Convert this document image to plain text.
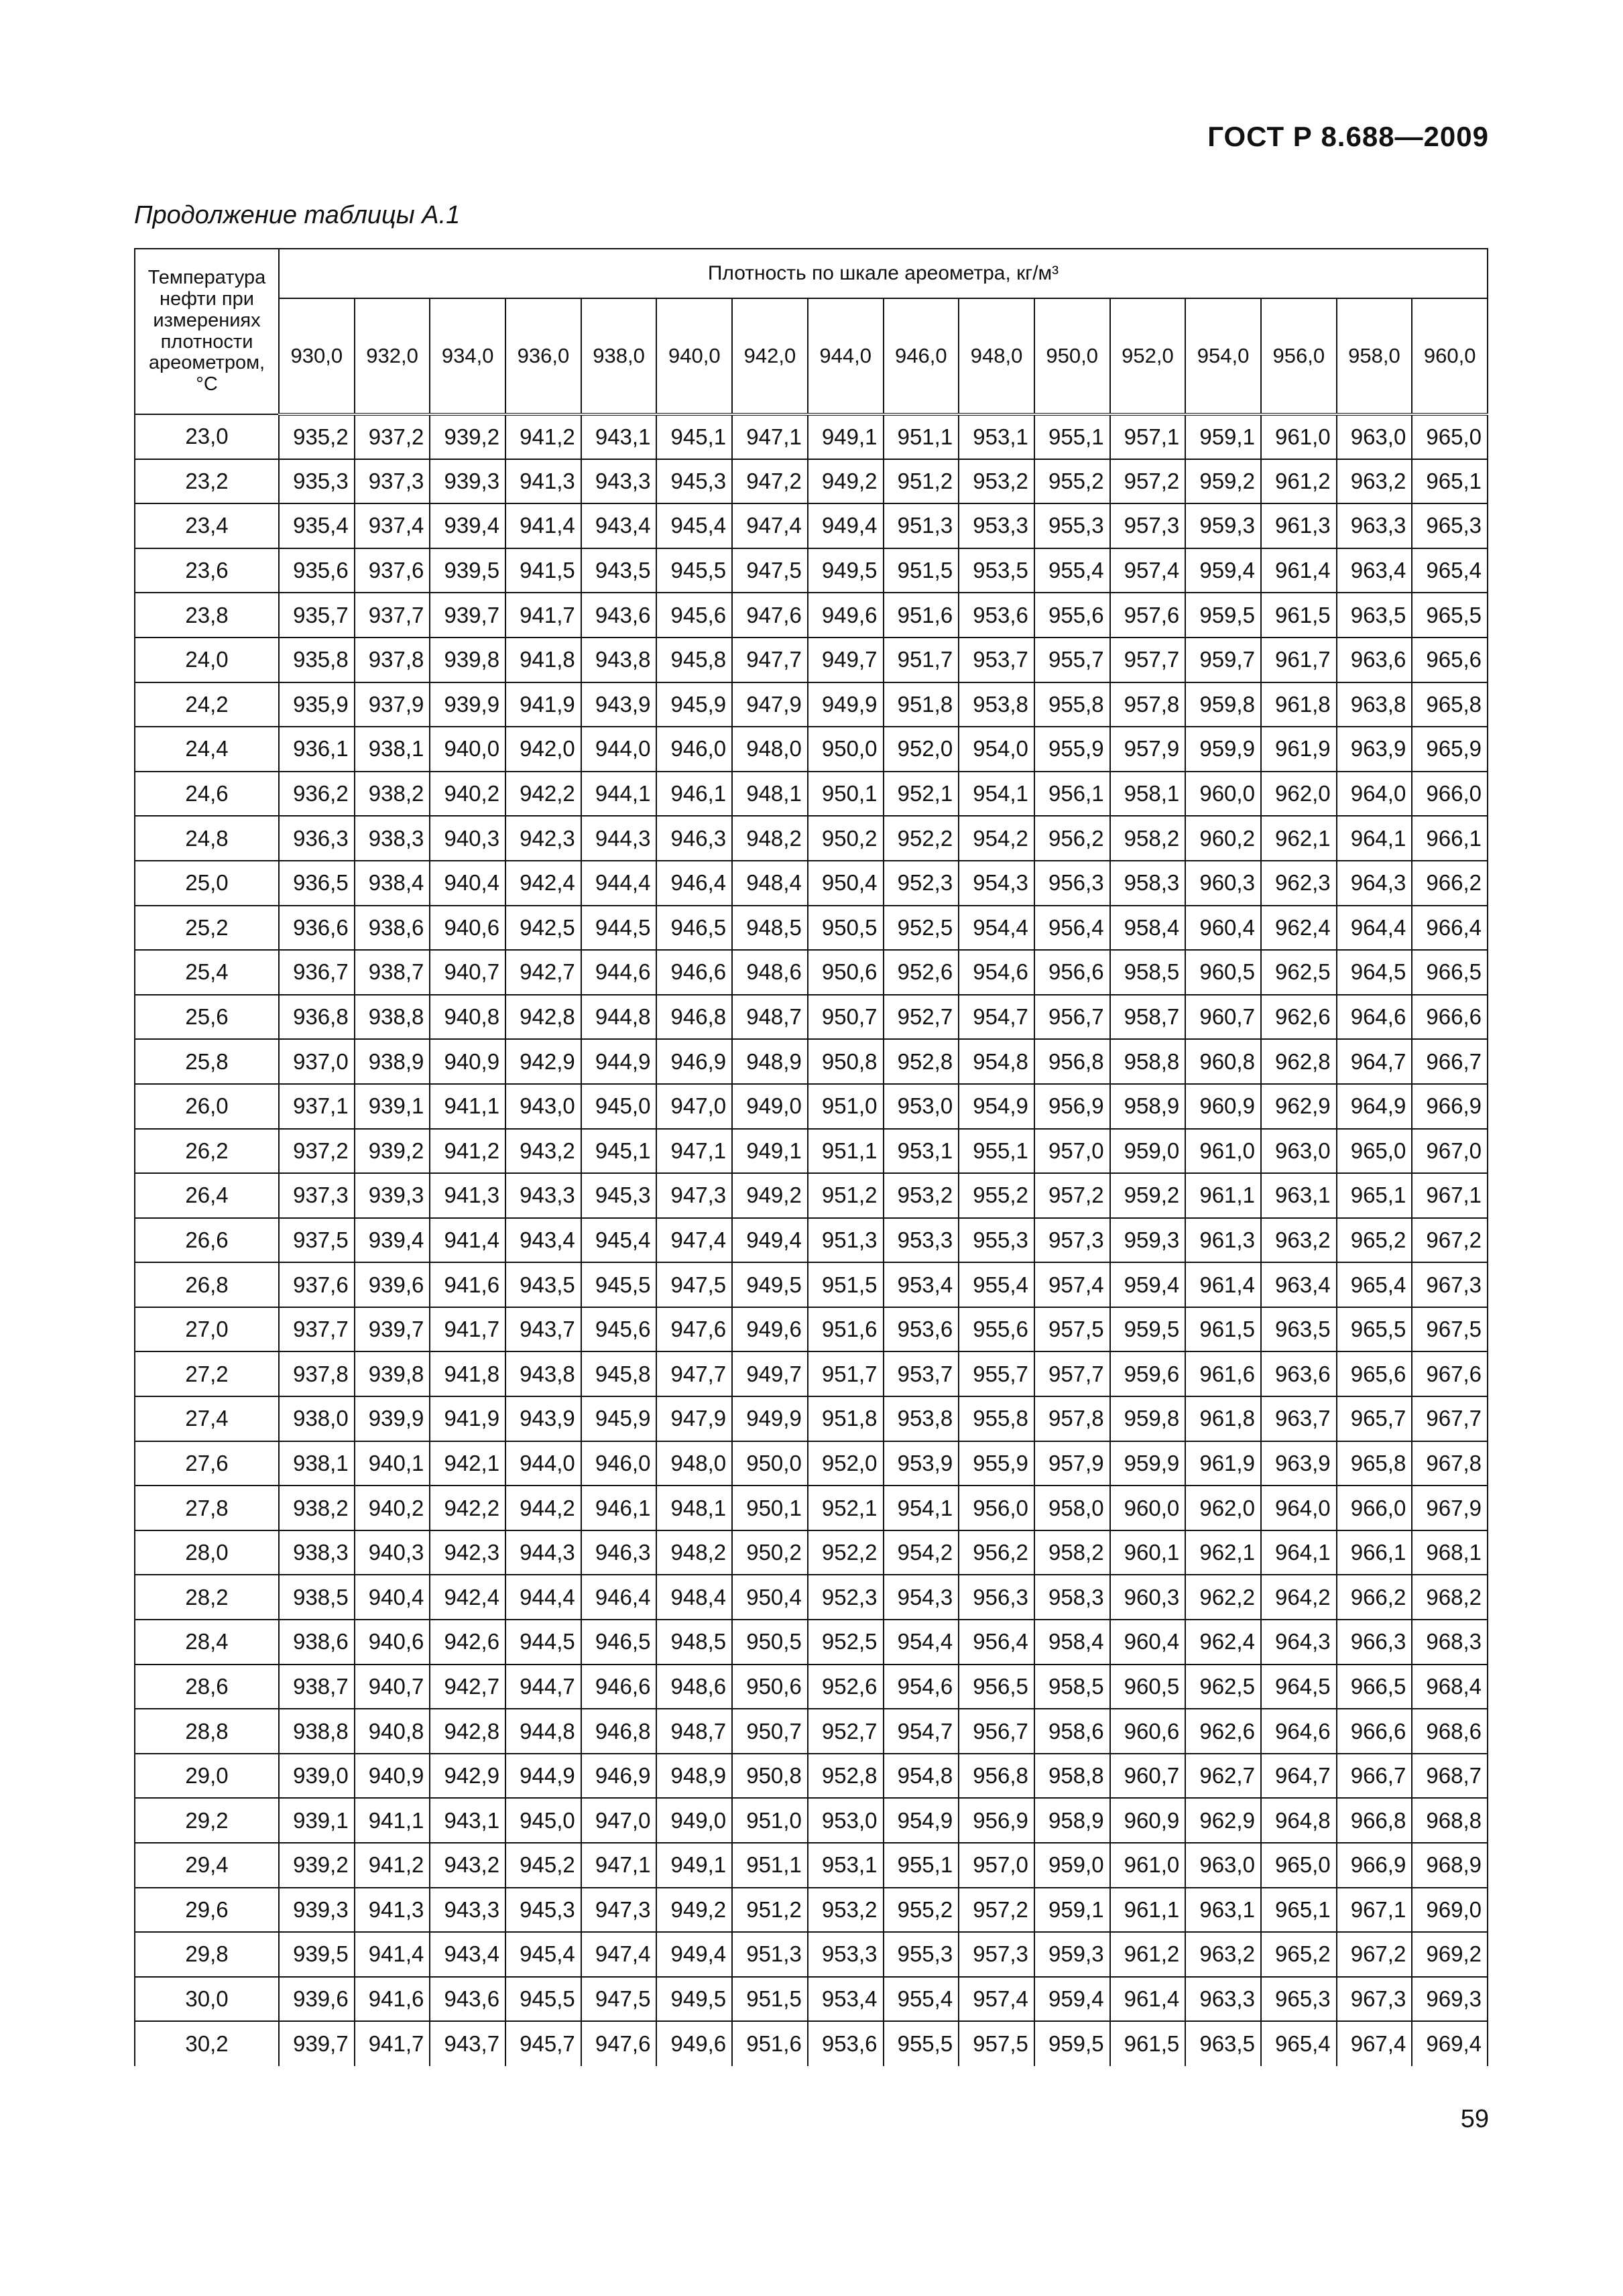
ГОСТ Р 8.688—2009
Продолжение таблицы А.1
Температура нефти при измерениях плотности ареометром, °С	Плотность по шкале ареометра, кг/м³															
	930,0	932,0	934,0	936,0	938,0	940,0	942,0	944,0	946,0	948,0	950,0	952,0	954,0	956,0	958,0	960,0
23,0	935,2	937,2	939,2	941,2	943,1	945,1	947,1	949,1	951,1	953,1	955,1	957,1	959,1	961,0	963,0	965,0
23,2	935,3	937,3	939,3	941,3	943,3	945,3	947,2	949,2	951,2	953,2	955,2	957,2	959,2	961,2	963,2	965,1
23,4	935,4	937,4	939,4	941,4	943,4	945,4	947,4	949,4	951,3	953,3	955,3	957,3	959,3	961,3	963,3	965,3
23,6	935,6	937,6	939,5	941,5	943,5	945,5	947,5	949,5	951,5	953,5	955,4	957,4	959,4	961,4	963,4	965,4
23,8	935,7	937,7	939,7	941,7	943,6	945,6	947,6	949,6	951,6	953,6	955,6	957,6	959,5	961,5	963,5	965,5
24,0	935,8	937,8	939,8	941,8	943,8	945,8	947,7	949,7	951,7	953,7	955,7	957,7	959,7	961,7	963,6	965,6
24,2	935,9	937,9	939,9	941,9	943,9	945,9	947,9	949,9	951,8	953,8	955,8	957,8	959,8	961,8	963,8	965,8
24,4	936,1	938,1	940,0	942,0	944,0	946,0	948,0	950,0	952,0	954,0	955,9	957,9	959,9	961,9	963,9	965,9
24,6	936,2	938,2	940,2	942,2	944,1	946,1	948,1	950,1	952,1	954,1	956,1	958,1	960,0	962,0	964,0	966,0
24,8	936,3	938,3	940,3	942,3	944,3	946,3	948,2	950,2	952,2	954,2	956,2	958,2	960,2	962,1	964,1	966,1
25,0	936,5	938,4	940,4	942,4	944,4	946,4	948,4	950,4	952,3	954,3	956,3	958,3	960,3	962,3	964,3	966,2
25,2	936,6	938,6	940,6	942,5	944,5	946,5	948,5	950,5	952,5	954,4	956,4	958,4	960,4	962,4	964,4	966,4
25,4	936,7	938,7	940,7	942,7	944,6	946,6	948,6	950,6	952,6	954,6	956,6	958,5	960,5	962,5	964,5	966,5
25,6	936,8	938,8	940,8	942,8	944,8	946,8	948,7	950,7	952,7	954,7	956,7	958,7	960,7	962,6	964,6	966,6
25,8	937,0	938,9	940,9	942,9	944,9	946,9	948,9	950,8	952,8	954,8	956,8	958,8	960,8	962,8	964,7	966,7
26,0	937,1	939,1	941,1	943,0	945,0	947,0	949,0	951,0	953,0	954,9	956,9	958,9	960,9	962,9	964,9	966,9
26,2	937,2	939,2	941,2	943,2	945,1	947,1	949,1	951,1	953,1	955,1	957,0	959,0	961,0	963,0	965,0	967,0
26,4	937,3	939,3	941,3	943,3	945,3	947,3	949,2	951,2	953,2	955,2	957,2	959,2	961,1	963,1	965,1	967,1
26,6	937,5	939,4	941,4	943,4	945,4	947,4	949,4	951,3	953,3	955,3	957,3	959,3	961,3	963,2	965,2	967,2
26,8	937,6	939,6	941,6	943,5	945,5	947,5	949,5	951,5	953,4	955,4	957,4	959,4	961,4	963,4	965,4	967,3
27,0	937,7	939,7	941,7	943,7	945,6	947,6	949,6	951,6	953,6	955,6	957,5	959,5	961,5	963,5	965,5	967,5
27,2	937,8	939,8	941,8	943,8	945,8	947,7	949,7	951,7	953,7	955,7	957,7	959,6	961,6	963,6	965,6	967,6
27,4	938,0	939,9	941,9	943,9	945,9	947,9	949,9	951,8	953,8	955,8	957,8	959,8	961,8	963,7	965,7	967,7
27,6	938,1	940,1	942,1	944,0	946,0	948,0	950,0	952,0	953,9	955,9	957,9	959,9	961,9	963,9	965,8	967,8
27,8	938,2	940,2	942,2	944,2	946,1	948,1	950,1	952,1	954,1	956,0	958,0	960,0	962,0	964,0	966,0	967,9
28,0	938,3	940,3	942,3	944,3	946,3	948,2	950,2	952,2	954,2	956,2	958,2	960,1	962,1	964,1	966,1	968,1
28,2	938,5	940,4	942,4	944,4	946,4	948,4	950,4	952,3	954,3	956,3	958,3	960,3	962,2	964,2	966,2	968,2
28,4	938,6	940,6	942,6	944,5	946,5	948,5	950,5	952,5	954,4	956,4	958,4	960,4	962,4	964,3	966,3	968,3
28,6	938,7	940,7	942,7	944,7	946,6	948,6	950,6	952,6	954,6	956,5	958,5	960,5	962,5	964,5	966,5	968,4
28,8	938,8	940,8	942,8	944,8	946,8	948,7	950,7	952,7	954,7	956,7	958,6	960,6	962,6	964,6	966,6	968,6
29,0	939,0	940,9	942,9	944,9	946,9	948,9	950,8	952,8	954,8	956,8	958,8	960,7	962,7	964,7	966,7	968,7
29,2	939,1	941,1	943,1	945,0	947,0	949,0	951,0	953,0	954,9	956,9	958,9	960,9	962,9	964,8	966,8	968,8
29,4	939,2	941,2	943,2	945,2	947,1	949,1	951,1	953,1	955,1	957,0	959,0	961,0	963,0	965,0	966,9	968,9
29,6	939,3	941,3	943,3	945,3	947,3	949,2	951,2	953,2	955,2	957,2	959,1	961,1	963,1	965,1	967,1	969,0
29,8	939,5	941,4	943,4	945,4	947,4	949,4	951,3	953,3	955,3	957,3	959,3	961,2	963,2	965,2	967,2	969,2
30,0	939,6	941,6	943,6	945,5	947,5	949,5	951,5	953,4	955,4	957,4	959,4	961,4	963,3	965,3	967,3	969,3
30,2	939,7	941,7	943,7	945,7	947,6	949,6	951,6	953,6	955,5	957,5	959,5	961,5	963,5	965,4	967,4	969,4
59
